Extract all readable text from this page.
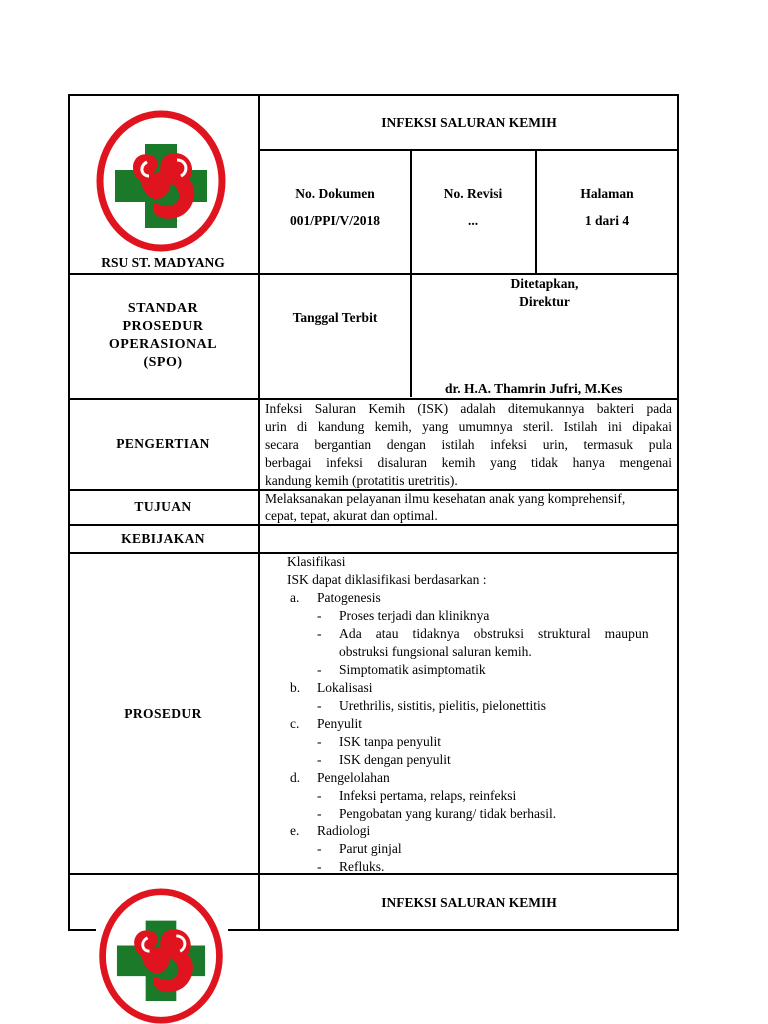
RSU ST. MADYANG
INFEKSI SALURAN KEMIH
No. Dokumen
001/PPI/V/2018
No. Revisi
...
Halaman
1 dari 4
STANDAR
PROSEDUR
OPERASIONAL
(SPO)
Tanggal Terbit
Ditetapkan,
Direktur
dr. H.A. Thamrin Jufri, M.Kes
PENGERTIAN
Infeksi Saluran Kemih (ISK) adalah ditemukannya bakteri pada
urin di kandung kemih, yang umumnya steril. Istilah ini dipakai
secara bergantian dengan istilah infeksi urin, termasuk pula
berbagai infeksi disaluran kemih yang tidak hanya mengenai
kandung kemih (protatitis uretritis).
TUJUAN
Melaksanakan pelayanan ilmu kesehatan anak yang komprehensif,
cepat, tepat, akurat dan optimal.
KEBIJAKAN
PROSEDUR
Klasifikasi
ISK dapat diklasifikasi berdasarkan :
a. Patogenesis
- Proses terjadi dan kliniknya
- Ada    atau    tidaknya    obstruksi    struktural    maupun
obstruksi fungsional saluran kemih.
- Simptomatik asimptomatik
b. Lokalisasi
- Urethrilis, sistitis, pielitis, pielonettitis
c. Penyulit
- ISK tanpa penyulit
- ISK dengan penyulit
d. Pengelolahan
- Infeksi pertama, relaps, reinfeksi
- Pengobatan yang kurang/ tidak berhasil.
e. Radiologi
- Parut ginjal
- Refluks.
INFEKSI SALURAN KEMIH
